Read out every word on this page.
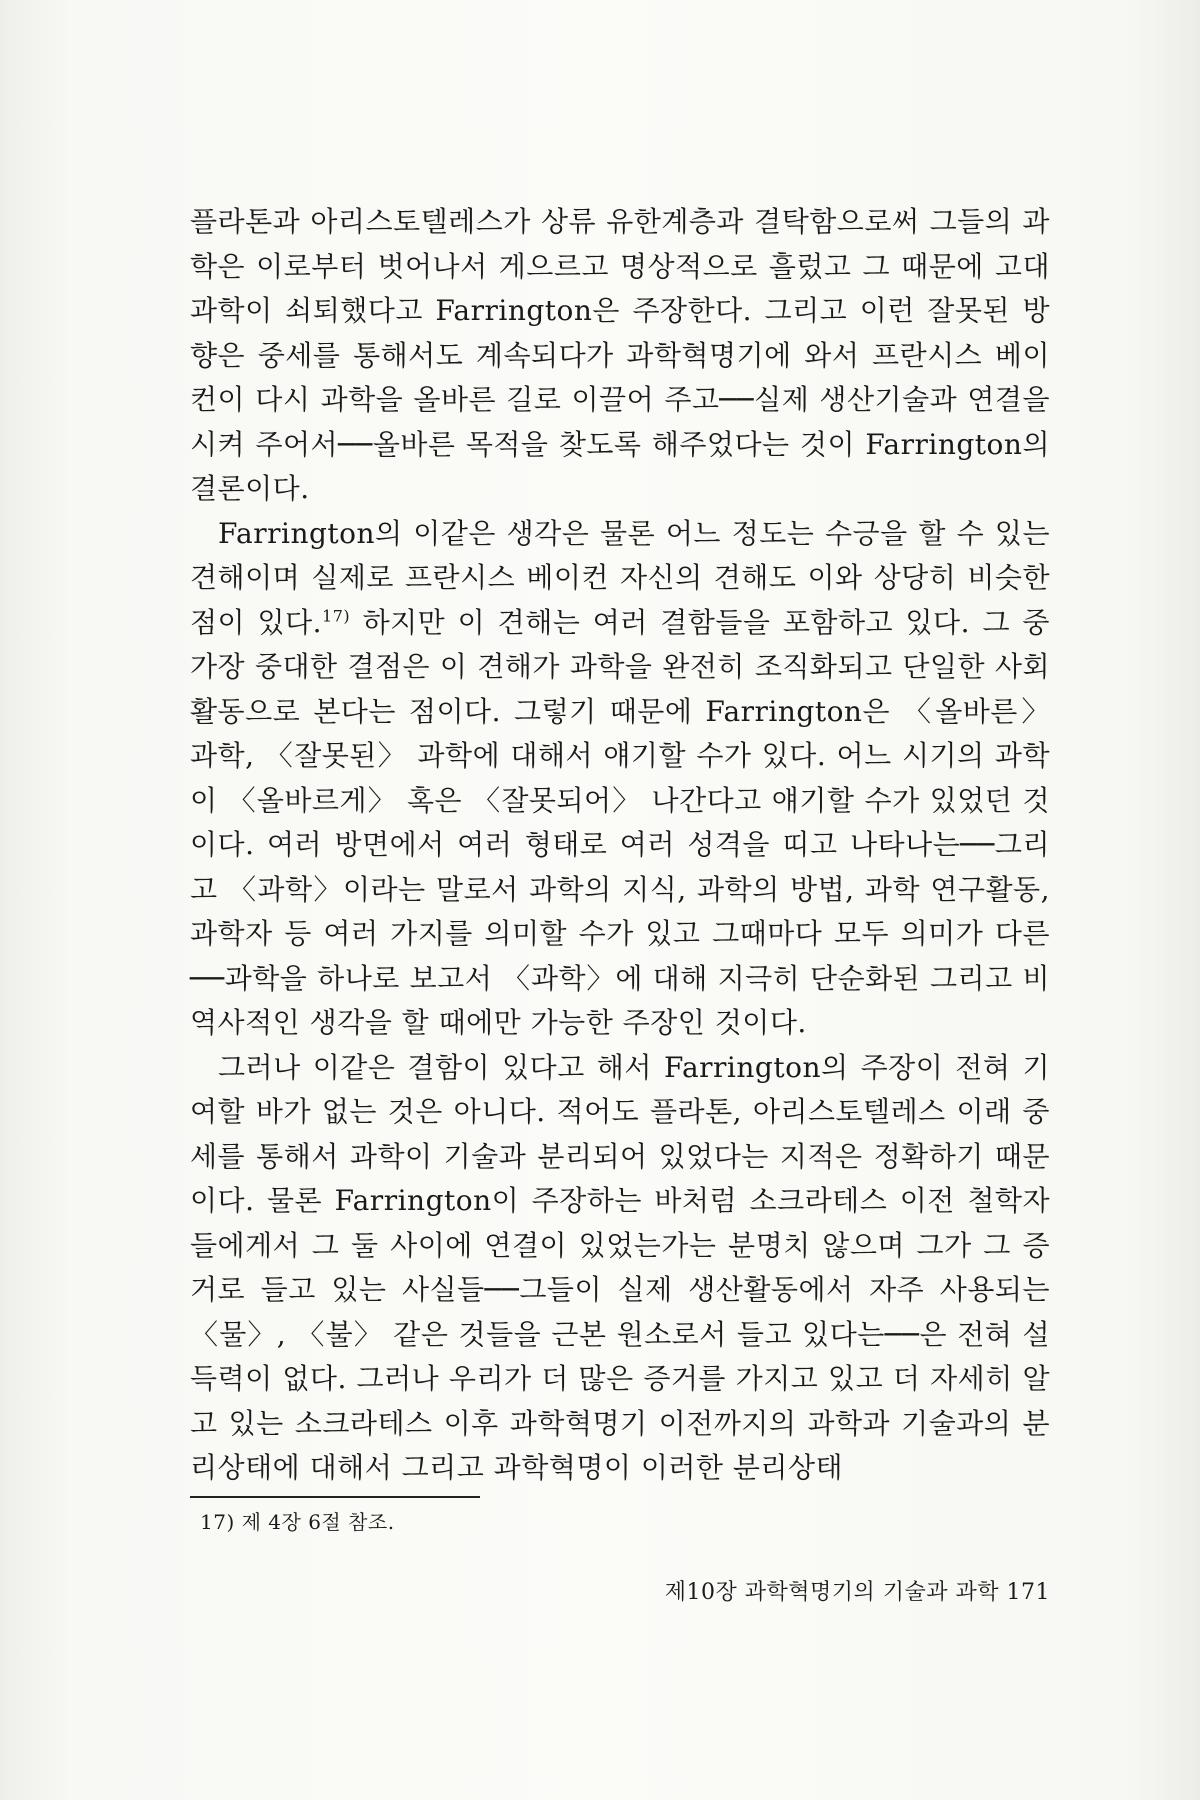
플라톤과 아리스토텔레스가 상류 유한계층과 결탁함으로써 그들의 과학은 이로부터 벗어나서 게으르고 명상적으로 흘렀고 그 때문에 고대과학이 쇠퇴했다고 Farrington은 주장한다. 그리고 이런 잘못된 방향은 중세를 통해서도 계속되다가 과학혁명기에 와서 프란시스 베이컨이 다시 과학을 올바른 길로 이끌어 주고──실제 생산기술과 연결을 시켜 주어서──올바른 목적을 찾도록 해주었다는 것이 Farrington의 결론이다.

Farrington의 이같은 생각은 물론 어느 정도는 수긍을 할 수 있는 견해이며 실제로 프란시스 베이컨 자신의 견해도 이와 상당히 비슷한 점이 있다.$^{17)}$ 하지만 이 견해는 여러 결함들을 포함하고 있다. 그 중 가장 중대한 결점은 이 견해가 과학을 완전히 조직화되고 단일한 사회활동으로 본다는 점이다. 그렇기 때문에 Farrington은 〈올바른〉 과학, 〈잘못된〉 과학에 대해서 얘기할 수가 있다. 어느 시기의 과학이 〈올바르게〉 혹은 〈잘못되어〉 나간다고 얘기할 수가 있었던 것이다. 여러 방면에서 여러 형태로 여러 성격을 띠고 나타나는──그리고 〈과학〉이라는 말로서 과학의 지식, 과학의 방법, 과학 연구활동, 과학자 등 여러 가지를 의미할 수가 있고 그때마다 모두 의미가 다른──과학을 하나로 보고서 〈과학〉에 대해 지극히 단순화된 그리고 비역사적인 생각을 할 때에만 가능한 주장인 것이다.

그러나 이같은 결함이 있다고 해서 Farrington의 주장이 전혀 기여할 바가 없는 것은 아니다. 적어도 플라톤, 아리스토텔레스 이래 중세를 통해서 과학이 기술과 분리되어 있었다는 지적은 정확하기 때문이다. 물론 Farrington이 주장하는 바처럼 소크라테스 이전 철학자들에게서 그 둘 사이에 연결이 있었는가는 분명치 않으며 그가 그 증거로 들고 있는 사실들──그들이 실제 생산활동에서 자주 사용되는 〈물〉, 〈불〉 같은 것들을 근본 원소로서 들고 있다는──은 전혀 설득력이 없다. 그러나 우리가 더 많은 증거를 가지고 있고 더 자세히 알고 있는 소크라테스 이후 과학혁명기 이전까지의 과학과 기술과의 분리상태에 대해서 그리고 과학혁명이 이러한 분리상태

17) 제 4장 6절 참조.
제10장 과학혁명기의 기술과 과학 171
